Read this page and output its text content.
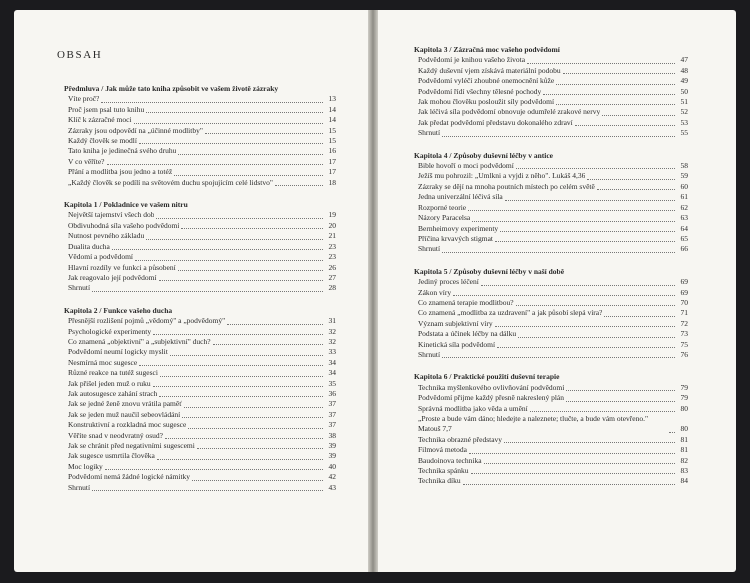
OBSAH
Předmluva / Jak může tato kniha způsobit ve vašem životě zázraky
Víte proč?	13
Proč jsem psal tuto knihu	14
Klíč k zázračné moci	14
Zázraky jsou odpovědí na „účinné modlitby"	15
Každý člověk se modlí	15
Tato kniha je jedinečná svého druhu	16
V co věříte?	17
Přání a modlitba jsou jedno a totéž	17
„Každý člověk se podílí na světovém duchu spojujícím celé lidstvo"	18
Kapitola 1 / Pokladnice ve vašem nitru
Největší tajemství všech dob	19
Obdivuhodná síla vašeho podvědomí	20
Nutnost pevného základu	21
Dualita ducha	23
Vědomí a podvědomí	23
Hlavní rozdíly ve funkci a působení	26
Jak reagovalo její podvědomí	27
Shrnutí	28
Kapitola 2 / Funkce vašeho ducha
Přesnější rozlišení pojmů „vědomý" a „podvědomý"	31
Psychologické experimenty	32
Co znamená „objektivní" a „subjektivní" duch?	32
Podvědomí neumí logicky myslit	33
Nesmírná moc sugesce	34
Různé reakce na tutéž sugesci	34
Jak přišel jeden muž o ruku	35
Jak autosugesce zahání strach	36
Jak se jedné ženě znovu vrátila paměť	37
Jak se jeden muž naučil sebeovládání	37
Konstruktivní a rozkladná moc sugesce	37
Věříte snad v neodvratný osud?	38
Jak se chránit před negativními sugescemi	39
Jak sugesce usmrtila člověka	39
Moc logiky	40
Podvědomí nemá žádné logické námitky	42
Shrnutí	43
Kapitola 3 / Zázračná moc vašeho podvědomí
Podvědomí je knihou vašeho života	47
Každý duševní vjem získává materiální podobu	48
Podvědomí vyléčí zhoubné onemocnění kůže	49
Podvědomí řídí všechny tělesné pochody	50
Jak mohou člověku posloužit síly podvědomí	51
Jak léčivá síla podvědomí obnovuje odumřelé zrakové nervy	52
Jak předat podvědomí představu dokonalého zdraví	53
Shrnutí	55
Kapitola 4 / Způsoby duševní léčby v antice
Bible hovoří o moci podvědomí	58
Ježíš mu pohrozil: „Umlkni a vyjdi z něho". Lukáš 4,36	59
Zázraky se dějí na mnoha poutních místech po celém světě	60
Jedna univerzální léčivá síla	61
Rozporné teorie	62
Názory Paracelsa	63
Bernheimovy experimenty	64
Příčina krvavých stigmat	65
Shrnutí	66
Kapitola 5 / Způsoby duševní léčby v naší době
Jediný proces léčení	69
Zákon víry	69
Co znamená terapie modlitbou?	70
Co znamená „modlitba za uzdravení" a jak působí slepá víra?	71
Význam subjektivní víry	72
Podstata a účinek léčby na dálku	73
Kinetická síla podvědomí	75
Shrnutí	76
Kapitola 6 / Praktické použití duševní terapie
Technika myšlenkového ovlivňování podvědomí	79
Podvědomí přijme každý přesně nakreslený plán	79
Správná modlitba jako věda a umění	80
„Proste a bude vám dáno; hledejte a naleznete; tlučte, a bude vám otevřeno." Matouš 7,7	80
Technika obrazné představy	81
Filmová metoda	81
Baudoinova technika	82
Technika spánku	83
Technika díku	84
